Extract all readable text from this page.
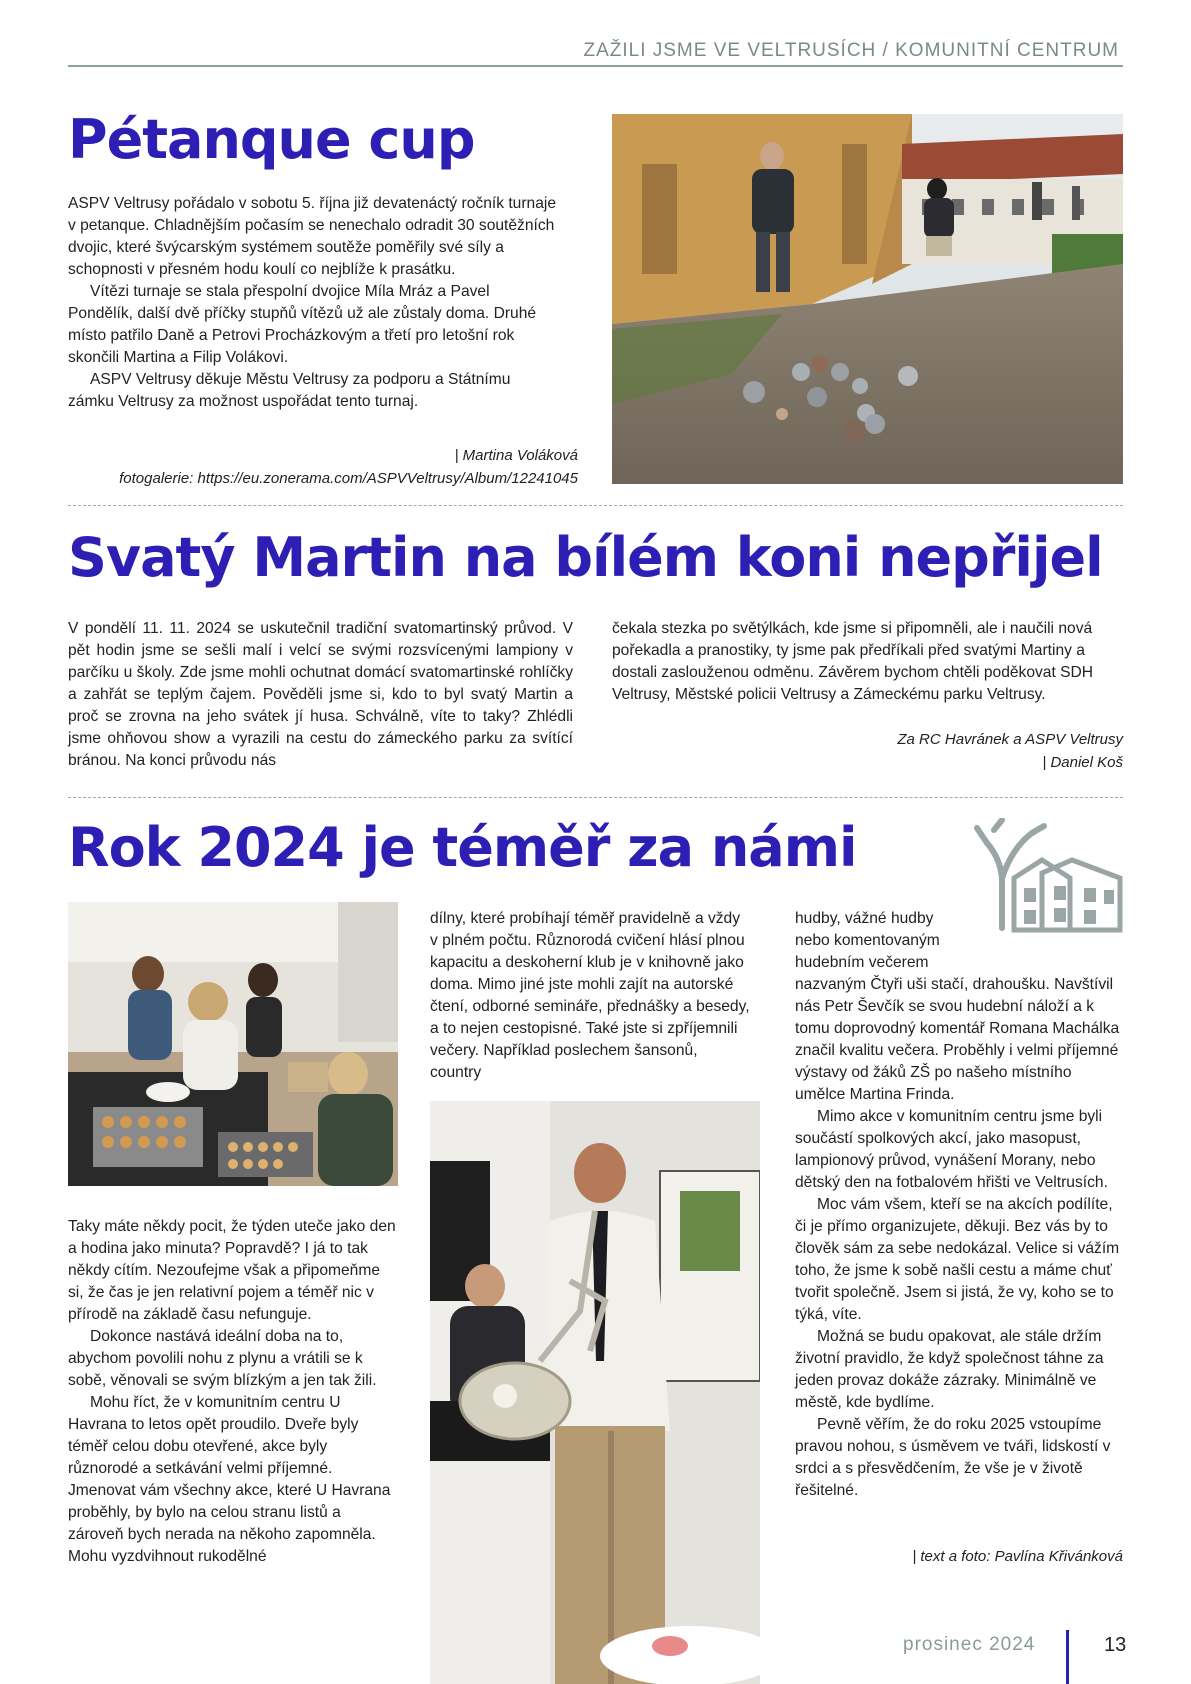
ZAŽILI JSME VE VELTRUSÍCH / KOMUNITNÍ CENTRUM
Pétanque cup

ASPV Veltrusy pořádalo v sobotu 5. října již devatenáctý ročník turnaje v petanque. Chladnějším počasím se nenechalo odradit 30 soutěžních dvojic, které švýcarským systémem soutěže poměřily své síly a schopnosti v přesném hodu koulí co nejblíže k prasátku.

Vítězi turnaje se stala přespolní dvojice Míla Mráz a Pavel Pondělík, další dvě příčky stupňů vítězů už ale zůstaly doma. Druhé místo patřilo Daně a Petrovi Procházkovým a třetí pro letošní rok skončili Martina a Filip Volákovi.

ASPV Veltrusy děkuje Městu Veltrusy za podporu a Státnímu zámku Veltrusy za možnost uspořádat tento turnaj.

| Martina Voláková
fotogalerie: https://eu.zonerama.com/ASPVVeltrusy/Album/12241045
Svatý Martin na bílém koni nepřijel
V pondělí 11. 11. 2024 se uskutečnil tradiční svatomartinský průvod. V pět hodin jsme se sešli malí i velcí se svými rozsvícenými lampiony v parčíku u školy. Zde jsme mohli ochutnat domácí svatomartinské rohlíčky a zahřát se teplým čajem. Pověděli jsme si, kdo to byl svatý Martin a proč se zrovna na jeho svátek jí husa. Schválně, víte to taky? Zhlédli jsme ohňovou show a vyrazili na cestu do zámeckého parku za svítící bránou. Na konci průvodu nás
čekala stezka po světýlkách, kde jsme si připomněli, ale i naučili nová pořekadla a pranostiky, ty jsme pak předříkali před svatými Martiny a dostali zaslouženou odměnu. Závěrem bychom chtěli poděkovat SDH Veltrusy, Městské policii Veltrusy a Zámeckému parku Veltrusy.
Za RC Havránek a ASPV Veltrusy
| Daniel Koš
Rok 2024 je téměř za námi

Taky máte někdy pocit, že týden uteče jako den a hodina jako minuta? Popravdě? I já to tak někdy cítím. Nezoufejme však a připomeňme si, že čas je jen relativní pojem a téměř nic v přírodě na základě času nefunguje.

Dokonce nastává ideální doba na to, abychom povolili nohu z plynu a vrátili se k sobě, věnovali se svým blízkým a jen tak žili.

Mohu říct, že v komunitním centru U Havrana to letos opět proudilo. Dveře byly téměř celou dobu otevřené, akce byly různorodé a setkávání velmi příjemné. Jmenovat vám všechny akce, které U Havrana proběhly, by bylo na celou stranu listů a zároveň bych nerada na někoho zapomněla. Mohu vyzdvihnout rukodělné

dílny, které probíhají téměř pravidelně a vždy v plném počtu. Různorodá cvičení hlásí plnou kapacitu a deskoherní klub je v knihovně jako doma. Mimo jiné jste mohli zajít na autorské čtení, odborné semináře, přednášky a besedy, a to nejen cestopisné. Také jste si zpříjemnili večery. Například poslechem šansonů, country
hudby, vážné hudby nebo komentovaným hudebním večerem

nazvaným Čtyři uši stačí, drahoušku. Navštívil nás Petr Ševčík se svou hudební náloží a k tomu doprovodný komentář Romana Machálka značil kvalitu večera. Proběhly i velmi příjemné výstavy od žáků ZŠ po našeho místního umělce Martina Frinda.

Mimo akce v komunitním centru jsme byli součástí spolkových akcí, jako masopust, lampionový průvod, vynášení Morany, nebo dětský den na fotbalovém hřišti ve Veltrusích.

Moc vám všem, kteří se na akcích podílíte, či je přímo organizujete, děkuji. Bez vás by to člověk sám za sebe nedokázal. Velice si vážím toho, že jsme k sobě našli cestu a máme chuť tvořit společně. Jsem si jistá, že vy, koho se to týká, víte.

Možná se budu opakovat, ale stále držím životní pravidlo, že když společnost táhne za jeden provaz dokáže zázraky. Minimálně ve městě, kde bydlíme.

Pevně věřím, že do roku 2025 vstoupíme pravou nohou, s úsměvem ve tváři, lidskostí v srdci a s přesvědčením, že vše je v životě řešitelné.

| text a foto: Pavlína Křivánková
prosinec 2024	13
